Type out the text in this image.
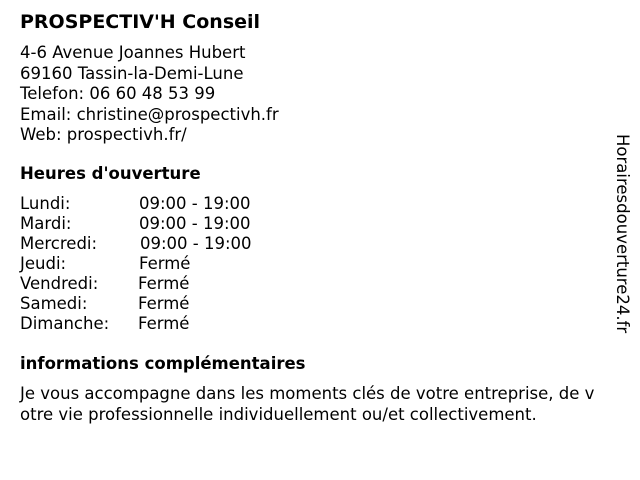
PROSPECTIV'H Conseil
4-6 Avenue Joannes Hubert
69160 Tassin-la-Demi-Lune
Telefon: 06 60 48 53 99
Email: christine@prospectivh.fr
Web: prospectivh.fr/
Heures d'ouverture
Lundi:	09:00 - 19:00
Mardi:	09:00 - 19:00
Mercredi:	09:00 - 19:00
Jeudi:	Fermé
Vendredi: Fermé
Samedi:	Fermé
Dimanche: Fermé
informations complémentaires
Je vous accompagne dans les moments clés de votre entreprise, de v
otre vie professionnelle individuellement ou/et collectivement.
Horairesdouverture24.fr
